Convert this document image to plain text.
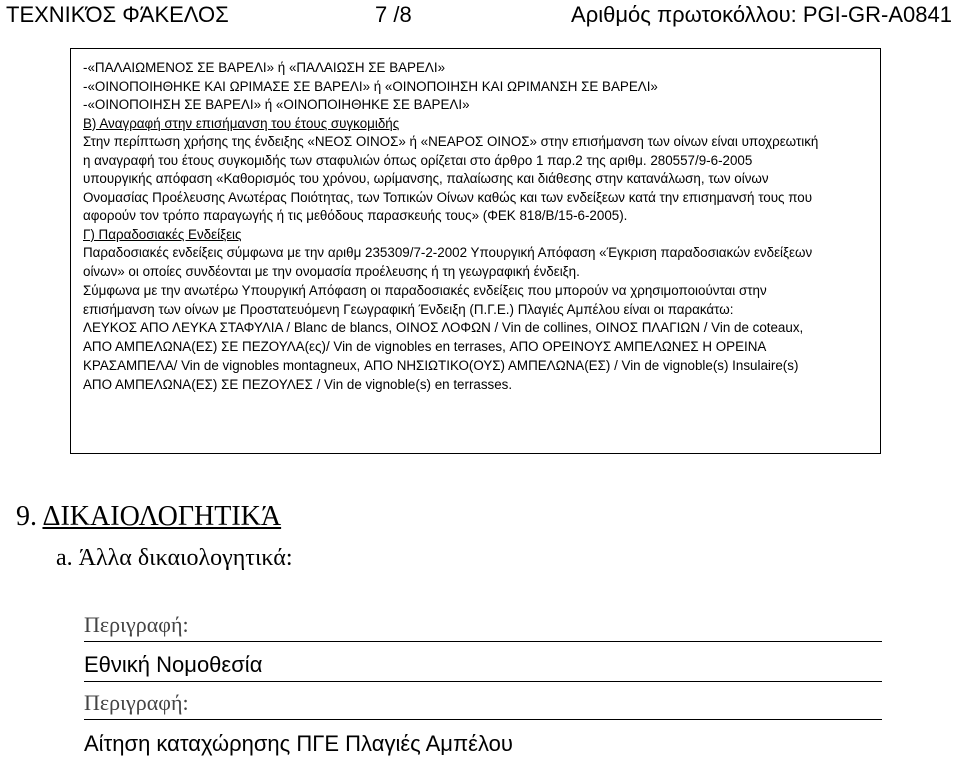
ΤΕΧΝΙΚΌΣ ΦΆΚΕΛΟΣ	7 /8	Αριθμός πρωτοκόλλου: PGI-GR-A0841
-«ΠΑΛΑΙΩΜΕΝΟΣ ΣΕ ΒΑΡΕΛΙ» ή «ΠΑΛΑΙΩΣΗ ΣΕ ΒΑΡΕΛΙ»
-«ΟΙΝΟΠΟΙΗΘΗΚΕ ΚΑΙ ΩΡΙΜΑΣΕ ΣΕ ΒΑΡΕΛΙ» ή «ΟΙΝΟΠΟΙΗΣΗ ΚΑΙ ΩΡΙΜΑΝΣΗ ΣΕ ΒΑΡΕΛΙ»
-«ΟΙΝΟΠΟΙΗΣΗ ΣΕ ΒΑΡΕΛΙ» ή «ΟΙΝΟΠΟΙΗΘΗΚΕ ΣΕ ΒΑΡΕΛΙ»
Β) Αναγραφή στην επισήμανση του έτους συγκομιδής
Στην περίπτωση χρήσης της ένδειξης «ΝΕΟΣ ΟΙΝΟΣ» ή «ΝΕΑΡΟΣ ΟΙΝΟΣ» στην επισήμανση των οίνων είναι υποχρεωτική
η αναγραφή του έτους συγκομιδής των σταφυλιών όπως ορίζεται στο άρθρο 1 παρ.2 της αριθμ. 280557/9-6-2005
υπουργικής απόφαση «Καθορισμός του χρόνου, ωρίμανσης, παλαίωσης και διάθεσης στην κατανάλωση, των οίνων
Ονομασίας Προέλευσης Ανωτέρας Ποιότητας, των Τοπικών Οίνων καθώς και των ενδείξεων κατά την επισημανσή τους που
αφορούν τον τρόπο παραγωγής ή τις μεθόδους παρασκευής τους» (ΦΕΚ 818/Β/15-6-2005).
Γ) Παραδοσιακές Ενδείξεις
Παραδοσιακές ενδείξεις σύμφωνα με την αριθμ 235309/7-2-2002 Υπουργική Απόφαση «Έγκριση παραδοσιακών ενδείξεων
οίνων» οι οποίες συνδέονται με την ονομασία προέλευσης ή τη γεωγραφική ένδειξη.
Σύμφωνα με την ανωτέρω Υπουργική Απόφαση οι παραδοσιακές ενδείξεις που μπορούν να χρησιμοποιούνται στην
επισήμανση των οίνων με Προστατευόμενη Γεωγραφική Ένδειξη (Π.Γ.Ε.) Πλαγιές Αμπέλου είναι οι παρακάτω:
ΛΕΥΚΟΣ ΑΠΟ ΛΕΥΚΑ ΣΤΑΦΥΛΙΑ / Blanc de blancs, ΟΙΝΟΣ ΛΟΦΩΝ / Vin de collines, ΟΙΝΟΣ ΠΛΑΓΙΩΝ / Vin de coteaux,
ΑΠΟ ΑΜΠΕΛΩΝΑ(ΕΣ) ΣΕ ΠΕΖΟΥΛΑ(ες)/ Vin de vignobles en terrases, ΑΠΟ ΟΡΕΙΝΟΥΣ ΑΜΠΕΛΩΝΕΣ Η ΟΡΕΙΝΑ
ΚΡΑΣΑΜΠΕΛΑ/ Vin de vignobles montagneux, ΑΠΟ ΝΗΣΙΩΤΙΚΟ(ΟΥΣ) ΑΜΠΕΛΩΝΑ(ΕΣ) / Vin de vignoble(s) Insulaire(s)
ΑΠΟ ΑΜΠΕΛΩΝΑ(ΕΣ) ΣΕ ΠΕΖΟΥΛΕΣ / Vin de vignoble(s) en terrasses.
9. ΔΙΚΑΙΟΛΟΓΗΤΙΚΆ
a. Άλλα δικαιολογητικά:
Περιγραφή:
Εθνική Νομοθεσία
Περιγραφή:
Αίτηση καταχώρησης ΠΓΕ Πλαγιές Αμπέλου
